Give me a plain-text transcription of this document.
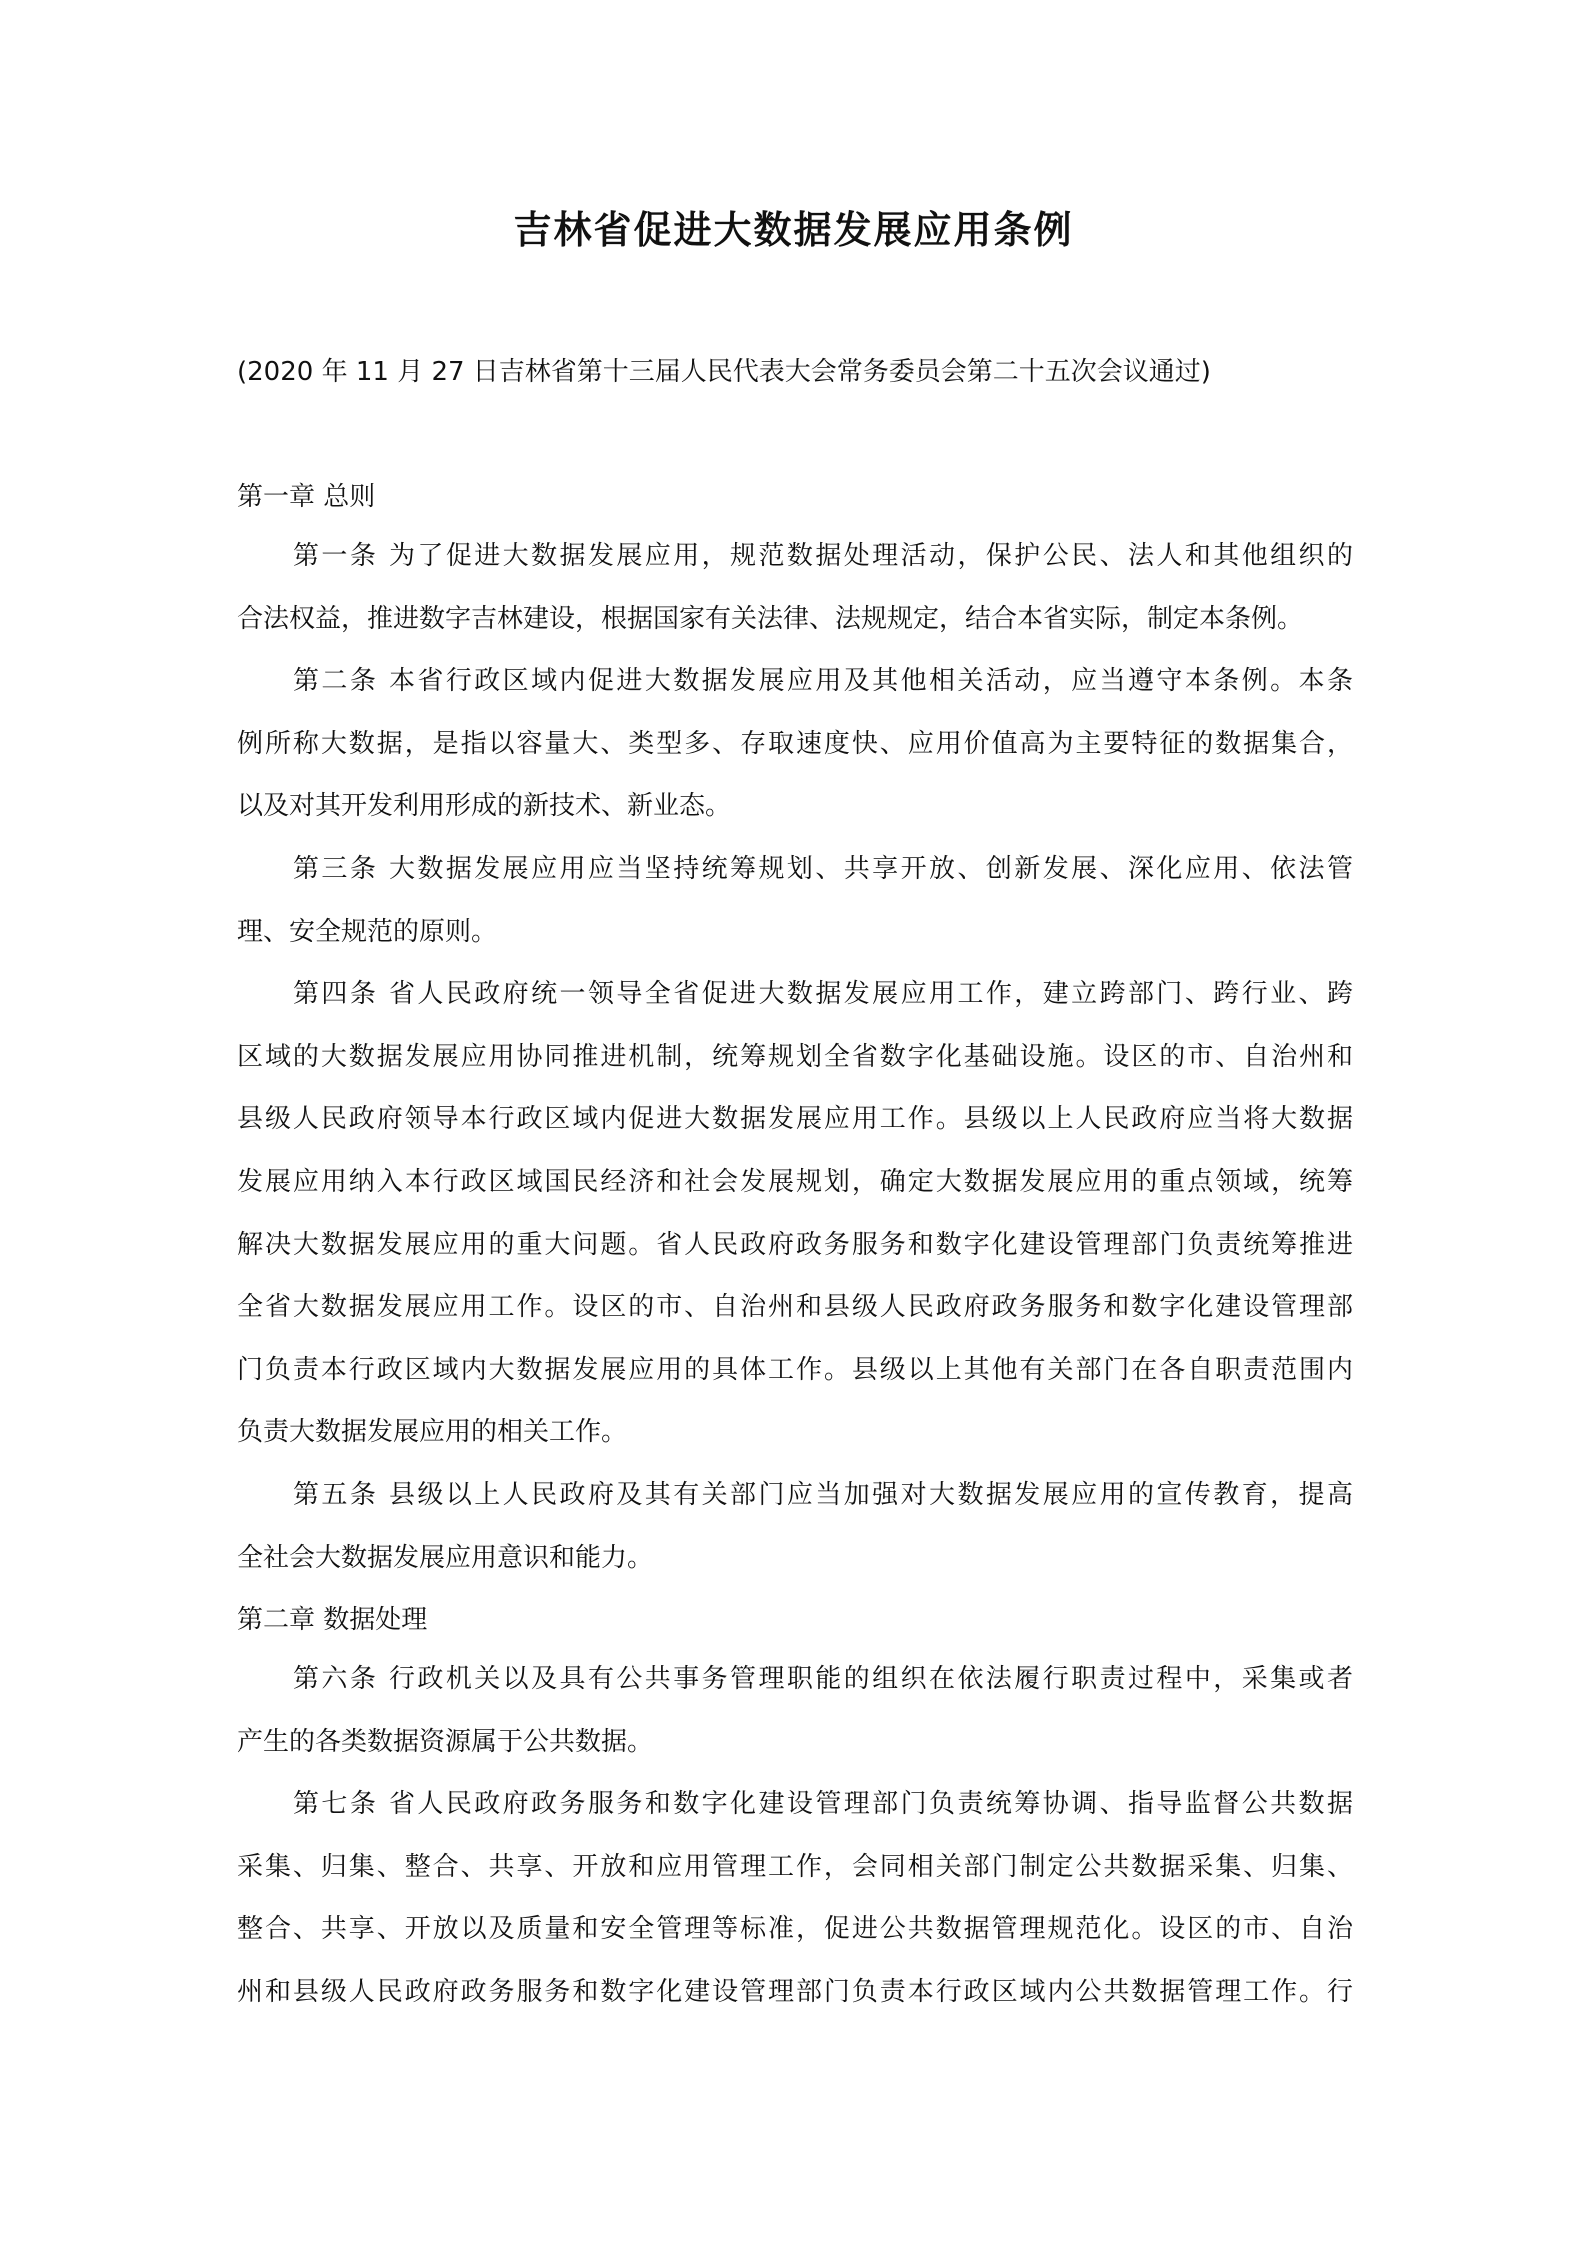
吉林省促进大数据发展应用条例
(2020 年 11 月 27 日吉林省第十三届人民代表大会常务委员会第二十五次会议通过)
第一章 总则
第一条 为了促进大数据发展应用，规范数据处理活动，保护公民、法人和其他组织的
合法权益，推进数字吉林建设，根据国家有关法律、法规规定，结合本省实际，制定本条例。
第二条 本省行政区域内促进大数据发展应用及其他相关活动，应当遵守本条例。本条
例所称大数据，是指以容量大、类型多、存取速度快、应用价值高为主要特征的数据集合，
以及对其开发利用形成的新技术、新业态。
第三条 大数据发展应用应当坚持统筹规划、共享开放、创新发展、深化应用、依法管
理、安全规范的原则。
第四条 省人民政府统一领导全省促进大数据发展应用工作，建立跨部门、跨行业、跨
区域的大数据发展应用协同推进机制，统筹规划全省数字化基础设施。设区的市、自治州和
县级人民政府领导本行政区域内促进大数据发展应用工作。县级以上人民政府应当将大数据
发展应用纳入本行政区域国民经济和社会发展规划，确定大数据发展应用的重点领域，统筹
解决大数据发展应用的重大问题。省人民政府政务服务和数字化建设管理部门负责统筹推进
全省大数据发展应用工作。设区的市、自治州和县级人民政府政务服务和数字化建设管理部
门负责本行政区域内大数据发展应用的具体工作。县级以上其他有关部门在各自职责范围内
负责大数据发展应用的相关工作。
第五条 县级以上人民政府及其有关部门应当加强对大数据发展应用的宣传教育，提高
全社会大数据发展应用意识和能力。
第二章 数据处理
第六条 行政机关以及具有公共事务管理职能的组织在依法履行职责过程中，采集或者
产生的各类数据资源属于公共数据。
第七条 省人民政府政务服务和数字化建设管理部门负责统筹协调、指导监督公共数据
采集、归集、整合、共享、开放和应用管理工作，会同相关部门制定公共数据采集、归集、
整合、共享、开放以及质量和安全管理等标准，促进公共数据管理规范化。设区的市、自治
州和县级人民政府政务服务和数字化建设管理部门负责本行政区域内公共数据管理工作。行
